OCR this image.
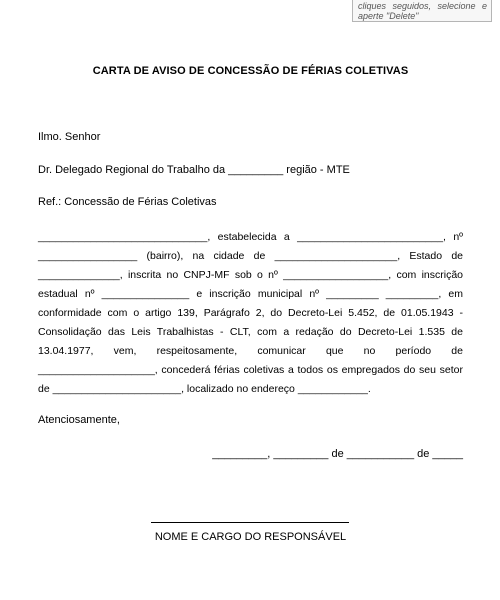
cliques seguidos, selecione e aperte "Delete"
CARTA DE AVISO DE CONCESSÃO DE FÉRIAS COLETIVAS
Ilmo. Senhor
Dr. Delegado Regional do Trabalho da _________ região - MTE
Ref.: Concessão de Férias Coletivas

_____________________________, estabelecida a _________________________, nº _________________ (bairro), na cidade de _____________________, Estado de ______________, inscrita no CNPJ-MF sob o nº __________________, com inscrição estadual nº _______________ e inscrição municipal nº _________ _________, em conformidade com o artigo 139, Parágrafo 2, do Decreto-Lei 5.452, de 01.05.1943 - Consolidação das Leis Trabalhistas - CLT, com a redação do Decreto-Lei 1.535 de 13.04.1977, vem, respeitosamente, comunicar que no período de ____________________, concederá férias coletivas a todos os empregados do seu setor de ______________________, localizado no endereço ____________.

Atenciosamente,
_________, _________ de ___________ de _____
NOME E CARGO DO RESPONSÁVEL
